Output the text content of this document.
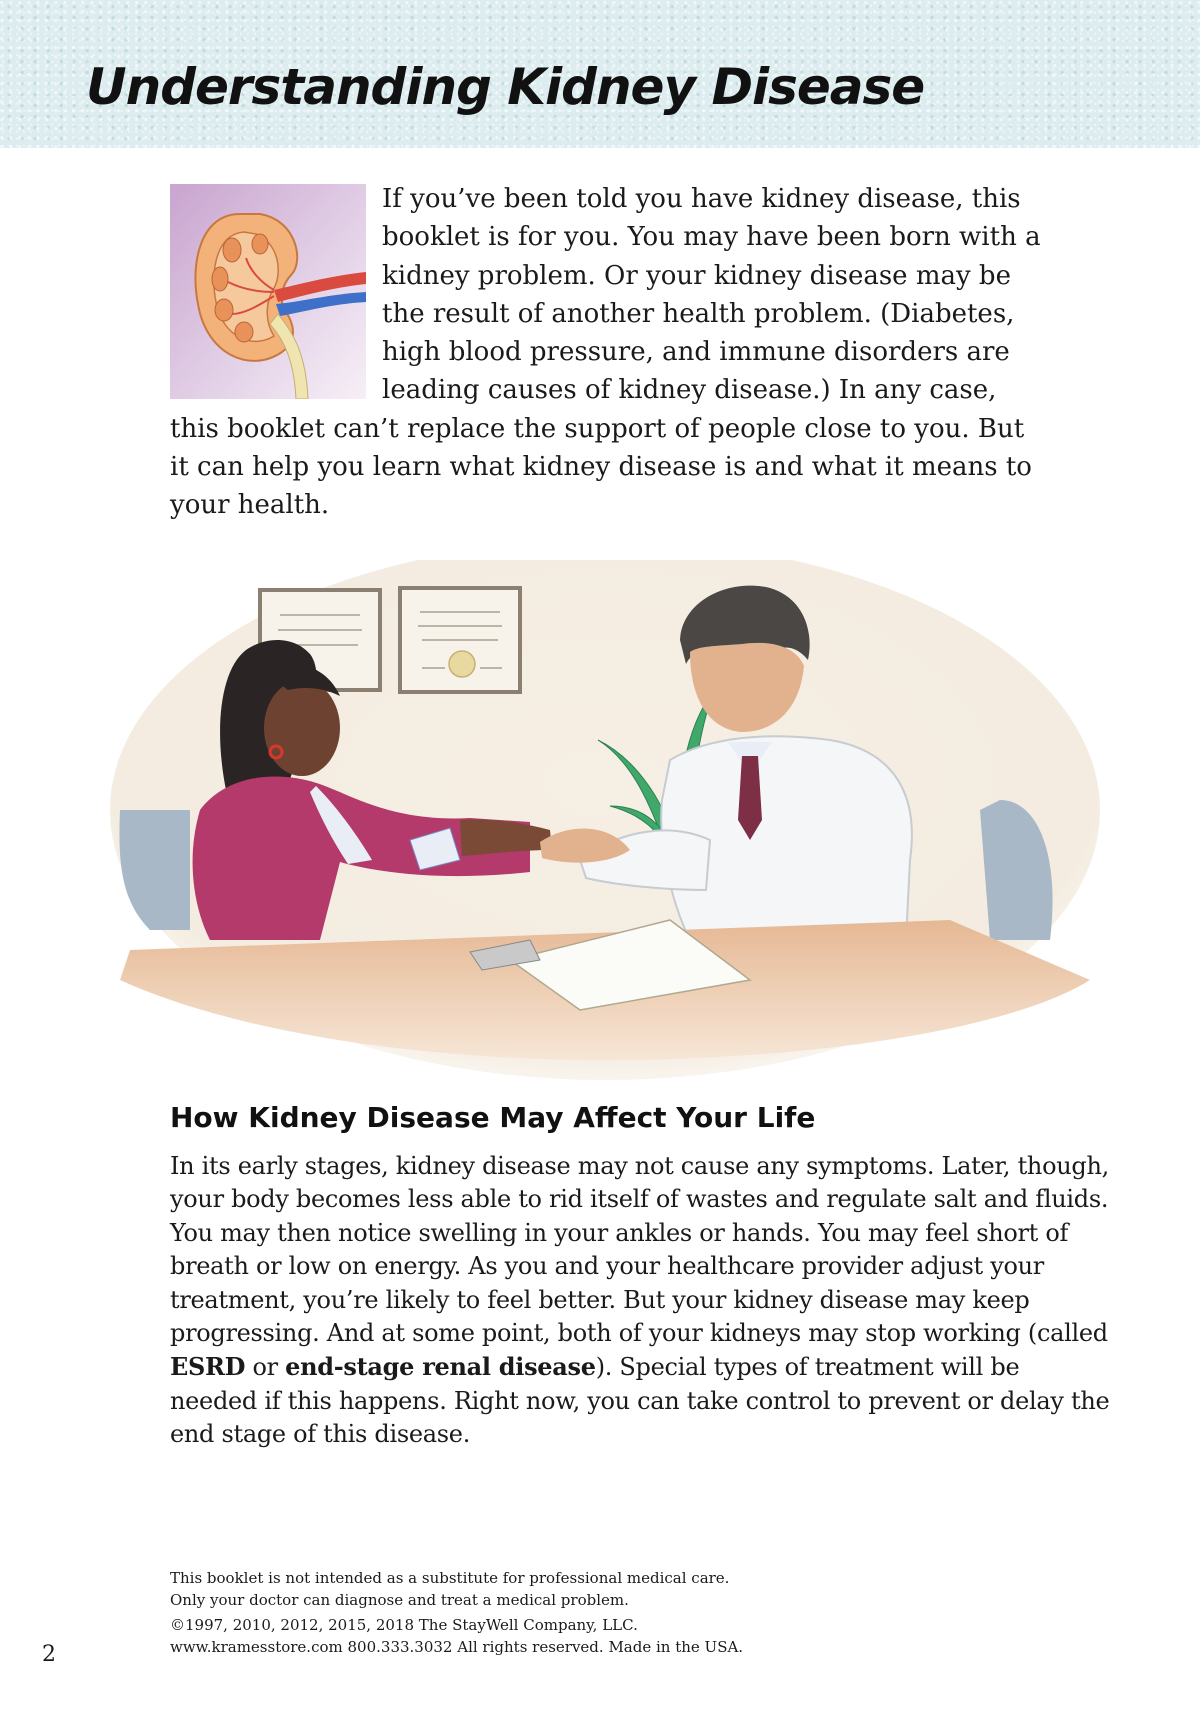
Understanding Kidney Disease
If you’ve been told you have kidney disease, this booklet is for you. You may have been born with a kidney problem. Or your kidney disease may be the result of another health problem. (Diabetes, high blood pressure, and immune disorders are leading causes of kidney disease.) In any case, this booklet can’t replace the support of people close to you. But it can help you learn what kidney disease is and what it means to your health.
How Kidney Disease May Affect Your Life

In its early stages, kidney disease may not cause any symptoms. Later, though, your body becomes less able to rid itself of wastes and regulate salt and fluids. You may then notice swelling in your ankles or hands. You may feel short of breath or low on energy. As you and your healthcare provider adjust your treatment, you’re likely to feel better. But your kidney disease may keep progressing. And at some point, both of your kidneys may stop working (called ESRD or end-stage renal disease). Special types of treatment will be needed if this happens. Right now, you can take control to prevent or delay the end stage of this disease.

This booklet is not intended as a substitute for professional medical care.
Only your doctor can diagnose and treat a medical problem.
©1997, 2010, 2012, 2015, 2018 The StayWell Company, LLC.
www.kramesstore.com 800.333.3032 All rights reserved. Made in the USA.
2
